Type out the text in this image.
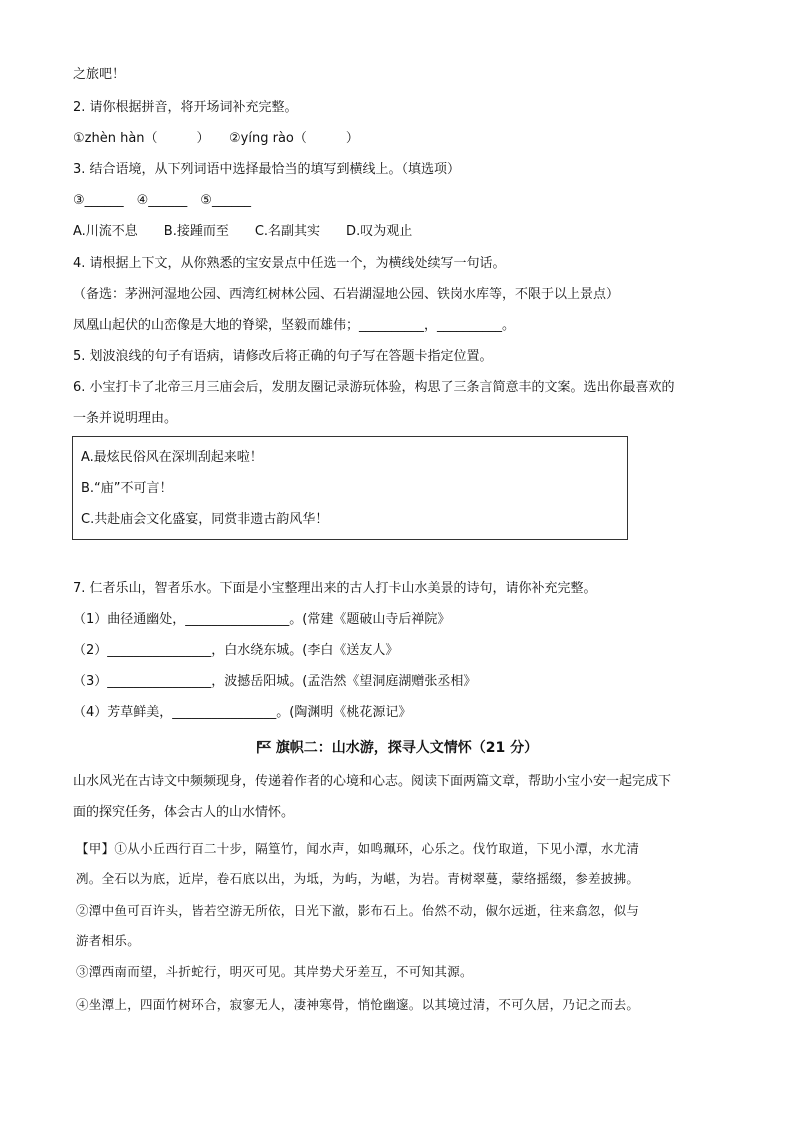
之旅吧！
2. 请你根据拼音，将开场词补充完整。
①zhèn hàn（　　　）　　②yíng rào（　　　）
3. 结合语境，从下列词语中选择最恰当的填写到横线上。（填选项）
③______　④______　⑤______
A.川流不息　　B.接踵而至　　C.名副其实　　D.叹为观止
4. 请根据上下文，从你熟悉的宝安景点中任选一个，为横线处续写一句话。
（备选：茅洲河湿地公园、西湾红树林公园、石岩湖湿地公园、铁岗水库等，不限于以上景点）
凤凰山起伏的山峦像是大地的脊梁，坚毅而雄伟；__________，__________。
5. 划波浪线的句子有语病，请修改后将正确的句子写在答题卡指定位置。
6. 小宝打卡了北帝三月三庙会后，发朋友圈记录游玩体验，构思了三条言简意丰的文案。选出你最喜欢的
一条并说明理由。
A.最炫民俗风在深圳刮起来啦！
B.“庙”不可言！
C.共赴庙会文化盛宴，同赏非遗古韵风华！
7. 仁者乐山，智者乐水。下面是小宝整理出来的古人打卡山水美景的诗句，请你补充完整。
（1）曲径通幽处，________________。(常建《题破山寺后禅院》
（2）________________，白水绕东城。(李白《送友人》
（3）________________，波撼岳阳城。(孟浩然《望洞庭湖赠张丞相》
（4）芳草鲜美，________________。(陶渊明《桃花源记》
旗帜二：山水游，探寻人文情怀（21 分）
山水风光在古诗文中频频现身，传递着作者的心境和心志。阅读下面两篇文章，帮助小宝小安一起完成下
面的探究任务，体会古人的山水情怀。
【甲】①从小丘西行百二十步，隔篁竹，闻水声，如鸣珮环，心乐之。伐竹取道，下见小潭，水尤清
冽。全石以为底，近岸，卷石底以出，为坻，为屿，为嵁，为岩。青树翠蔓，蒙络摇缀，参差披拂。
②潭中鱼可百许头，皆若空游无所依，日光下澈，影布石上。佁然不动，俶尔远逝，往来翕忽，似与
游者相乐。
③潭西南而望，斗折蛇行，明灭可见。其岸势犬牙差互，不可知其源。
④坐潭上，四面竹树环合，寂寥无人，凄神寒骨，悄怆幽邃。以其境过清，不可久居，乃记之而去。
